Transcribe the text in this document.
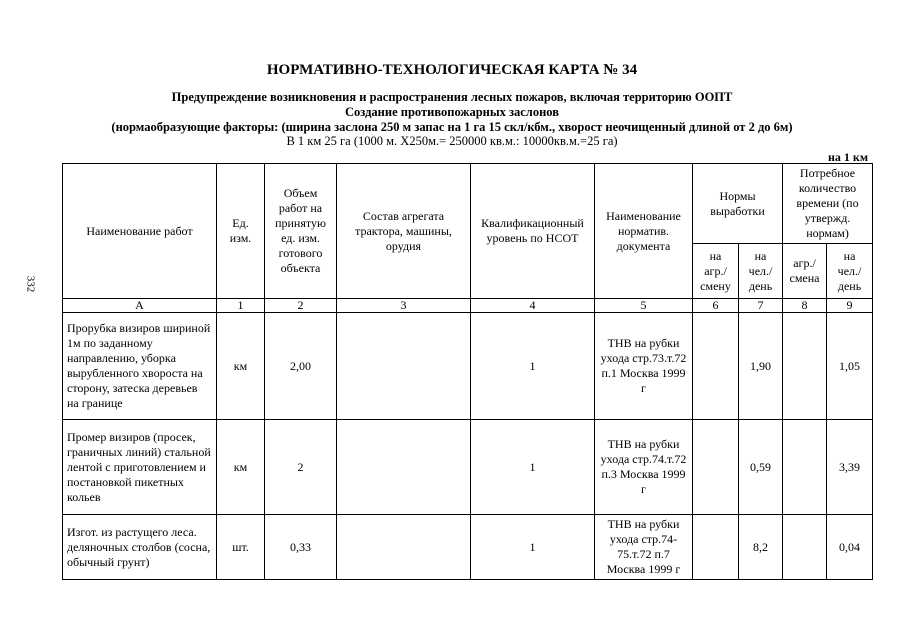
332
НОРМАТИВНО-ТЕХНОЛОГИЧЕСКАЯ КАРТА № 34
Предупреждение возникновения и распространения лесных пожаров, включая территорию ООПТ
Создание противопожарных заслонов
(нормаобразующие факторы: (ширина заслона 250 м запас на 1 га 15 скл/кбм., хворост неочищенный длиной от 2 до 6м)
В 1 км 25 га (1000 м. Х250м.= 250000 кв.м.: 10000кв.м.=25 га)
на 1 км
Наименование работ	Ед. изм.	Объем работ на принятую ед. изм. готового объекта	Состав агрегата трактора, машины, орудия	Квалификационный уровень по НСОТ	Наименование норматив. документа	Нормы выработки		Потребное количество времени (по утвержд. нормам)	
						на агр./ смену	на чел./ день	агр./ смена	на чел./ день
А	1	2	3	4	5	6	7	8	9
Прорубка визиров шириной 1м по заданному направлению, уборка вырубленного хвороста на сторону, затеска деревьев на границе	км	2,00		1	ТНВ на рубки ухода стр.73.т.72 п.1 Москва 1999 г		1,90		1,05
Промер визиров (просек, граничных линий) стальной лентой с приготовлением и постановкой пикетных кольев	км	2		1	ТНВ на рубки ухода стр.74.т.72 п.3 Москва 1999 г		0,59		3,39
Изгот. из растущего леса. деляночных столбов (сосна, обычный грунт)	шт.	0,33		1	ТНВ на рубки ухода стр.74-75.т.72 п.7 Москва 1999 г		8,2		0,04
